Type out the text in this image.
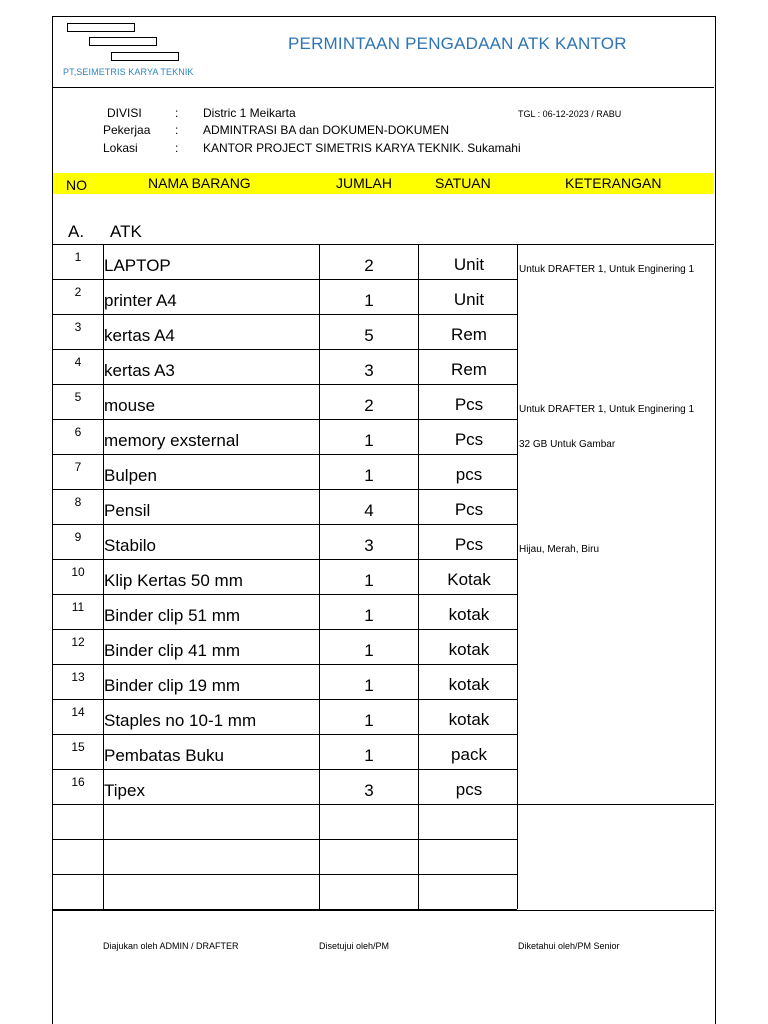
PT,SEIMETRIS KARYA TEKNIK
PERMINTAAN PENGADAAN ATK KANTOR
DIVISI	: Distric 1 Meikarta
Pekerjaa : ADMINTRASI BA dan DOKUMEN-DOKUMEN
Lokasi	: KANTOR PROJECT SIMETRIS KARYA TEKNIK. Sukamahi
TGL : 06-12-2023 / RABU
NO	NAMA BARANG	JUMLAH	SATUAN	KETERANGAN
A. ATK
1	LAPTOP	2	Unit	Untuk DRAFTER 1, Untuk Enginering 1
2	printer A4	1	Unit
3	kertas A4	5	Rem
4	kertas A3	3	Rem
5	mouse	2	Pcs	Untuk DRAFTER 1, Untuk Enginering 1
6	memory exsternal	1	Pcs	32 GB Untuk Gambar
7	Bulpen	1	pcs
8	Pensil	4	Pcs
9	Stabilo	3	Pcs	Hijau, Merah, Biru
10	Klip Kertas 50 mm	1	Kotak
11	Binder clip 51 mm	1	kotak
12	Binder clip 41 mm	1	kotak
13	Binder clip 19 mm	1	kotak
14	Staples no 10-1 mm	1	kotak
15	Pembatas Buku	1	pack
16	Tipex	3	pcs
Diajukan oleh ADMIN / DRAFTER	Disetujui oleh/PM	Diketahui oleh/PM Senior
